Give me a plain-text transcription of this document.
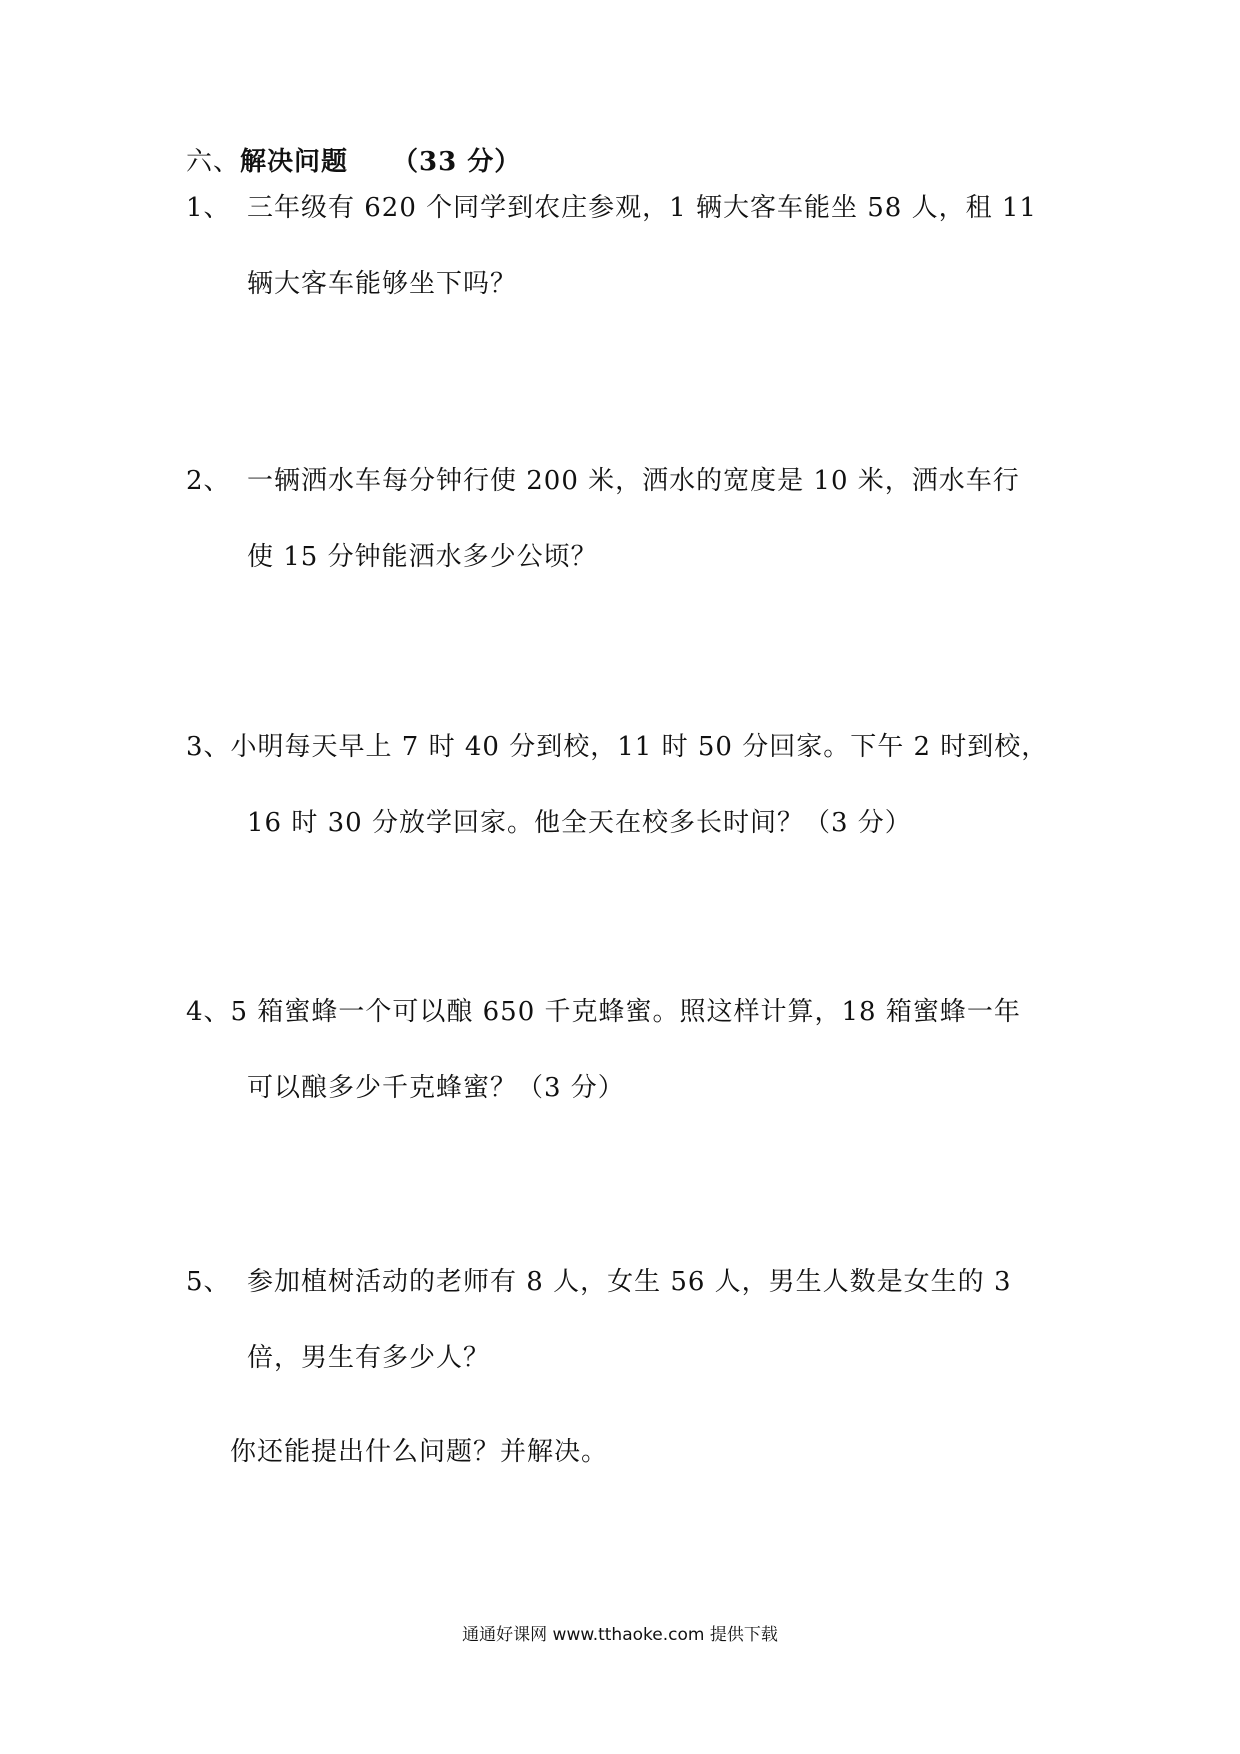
六、解决问题 （33 分）
1、 三年级有 620 个同学到农庄参观，1 辆大客车能坐 58 人，租 11
辆大客车能够坐下吗？
2、 一辆洒水车每分钟行使 200 米，洒水的宽度是 10 米，洒水车行
使 15 分钟能洒水多少公顷？
3、小明每天早上 7 时 40 分到校，11 时 50 分回家。下午 2 时到校，
16 时 30 分放学回家。他全天在校多长时间？（3 分）
4、5 箱蜜蜂一个可以酿 650 千克蜂蜜。照这样计算，18 箱蜜蜂一年
可以酿多少千克蜂蜜？（3 分）
5、 参加植树活动的老师有 8 人，女生 56 人，男生人数是女生的 3
倍，男生有多少人？
你还能提出什么问题？并解决。
通通好课网 www.tthaoke.com 提供下载
